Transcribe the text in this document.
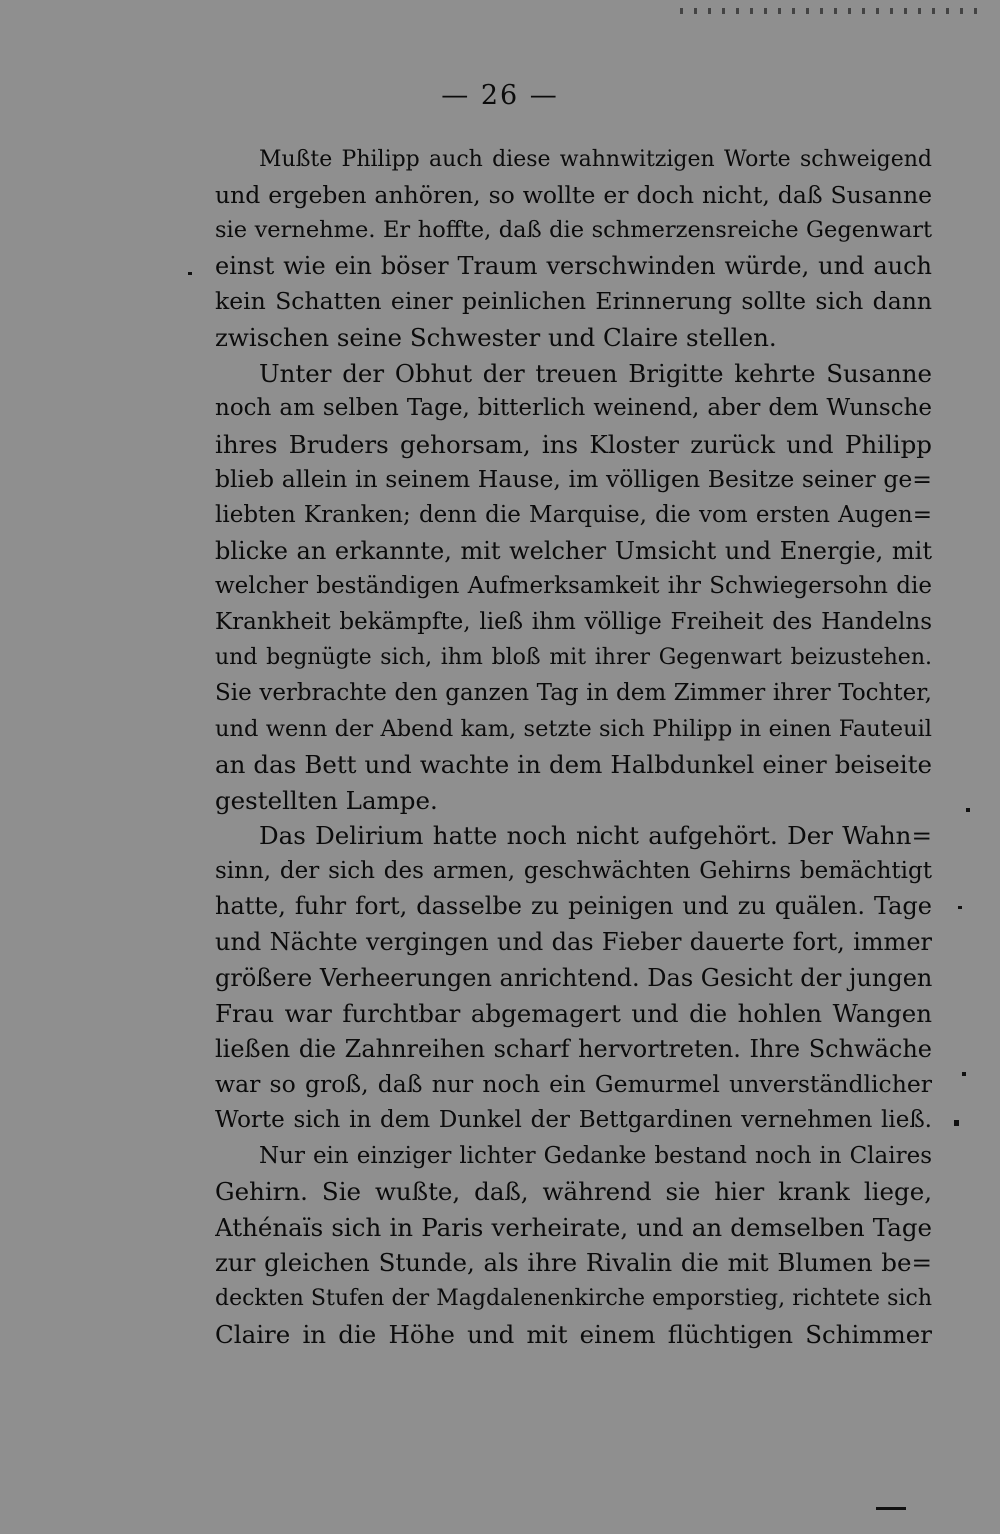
— 26 —
Mußte Philipp auch diese wahnwitzigen Worte schweigend
und ergeben anhören, so wollte er doch nicht, daß Susanne
sie vernehme. Er hoffte, daß die schmerzensreiche Gegenwart
einst wie ein böser Traum verschwinden würde, und auch
kein Schatten einer peinlichen Erinnerung sollte sich dann
zwischen seine Schwester und Claire stellen.
Unter der Obhut der treuen Brigitte kehrte Susanne
noch am selben Tage, bitterlich weinend, aber dem Wunsche
ihres Bruders gehorsam, ins Kloster zurück und Philipp
blieb allein in seinem Hause, im völligen Besitze seiner ge=
liebten Kranken; denn die Marquise, die vom ersten Augen=
blicke an erkannte, mit welcher Umsicht und Energie, mit
welcher beständigen Aufmerksamkeit ihr Schwiegersohn die
Krankheit bekämpfte, ließ ihm völlige Freiheit des Handelns
und begnügte sich, ihm bloß mit ihrer Gegenwart beizustehen.
Sie verbrachte den ganzen Tag in dem Zimmer ihrer Tochter,
und wenn der Abend kam, setzte sich Philipp in einen Fauteuil
an das Bett und wachte in dem Halbdunkel einer beiseite
gestellten Lampe.
Das Delirium hatte noch nicht aufgehört. Der Wahn=
sinn, der sich des armen, geschwächten Gehirns bemächtigt
hatte, fuhr fort, dasselbe zu peinigen und zu quälen. Tage
und Nächte vergingen und das Fieber dauerte fort, immer
größere Verheerungen anrichtend. Das Gesicht der jungen
Frau war furchtbar abgemagert und die hohlen Wangen
ließen die Zahnreihen scharf hervortreten. Ihre Schwäche
war so groß, daß nur noch ein Gemurmel unverständlicher
Worte sich in dem Dunkel der Bettgardinen vernehmen ließ.
Nur ein einziger lichter Gedanke bestand noch in Claires
Gehirn. Sie wußte, daß, während sie hier krank liege,
Athénaïs sich in Paris verheirate, und an demselben Tage
zur gleichen Stunde, als ihre Rivalin die mit Blumen be=
deckten Stufen der Magdalenenkirche emporstieg, richtete sich
Claire in die Höhe und mit einem flüchtigen Schimmer
